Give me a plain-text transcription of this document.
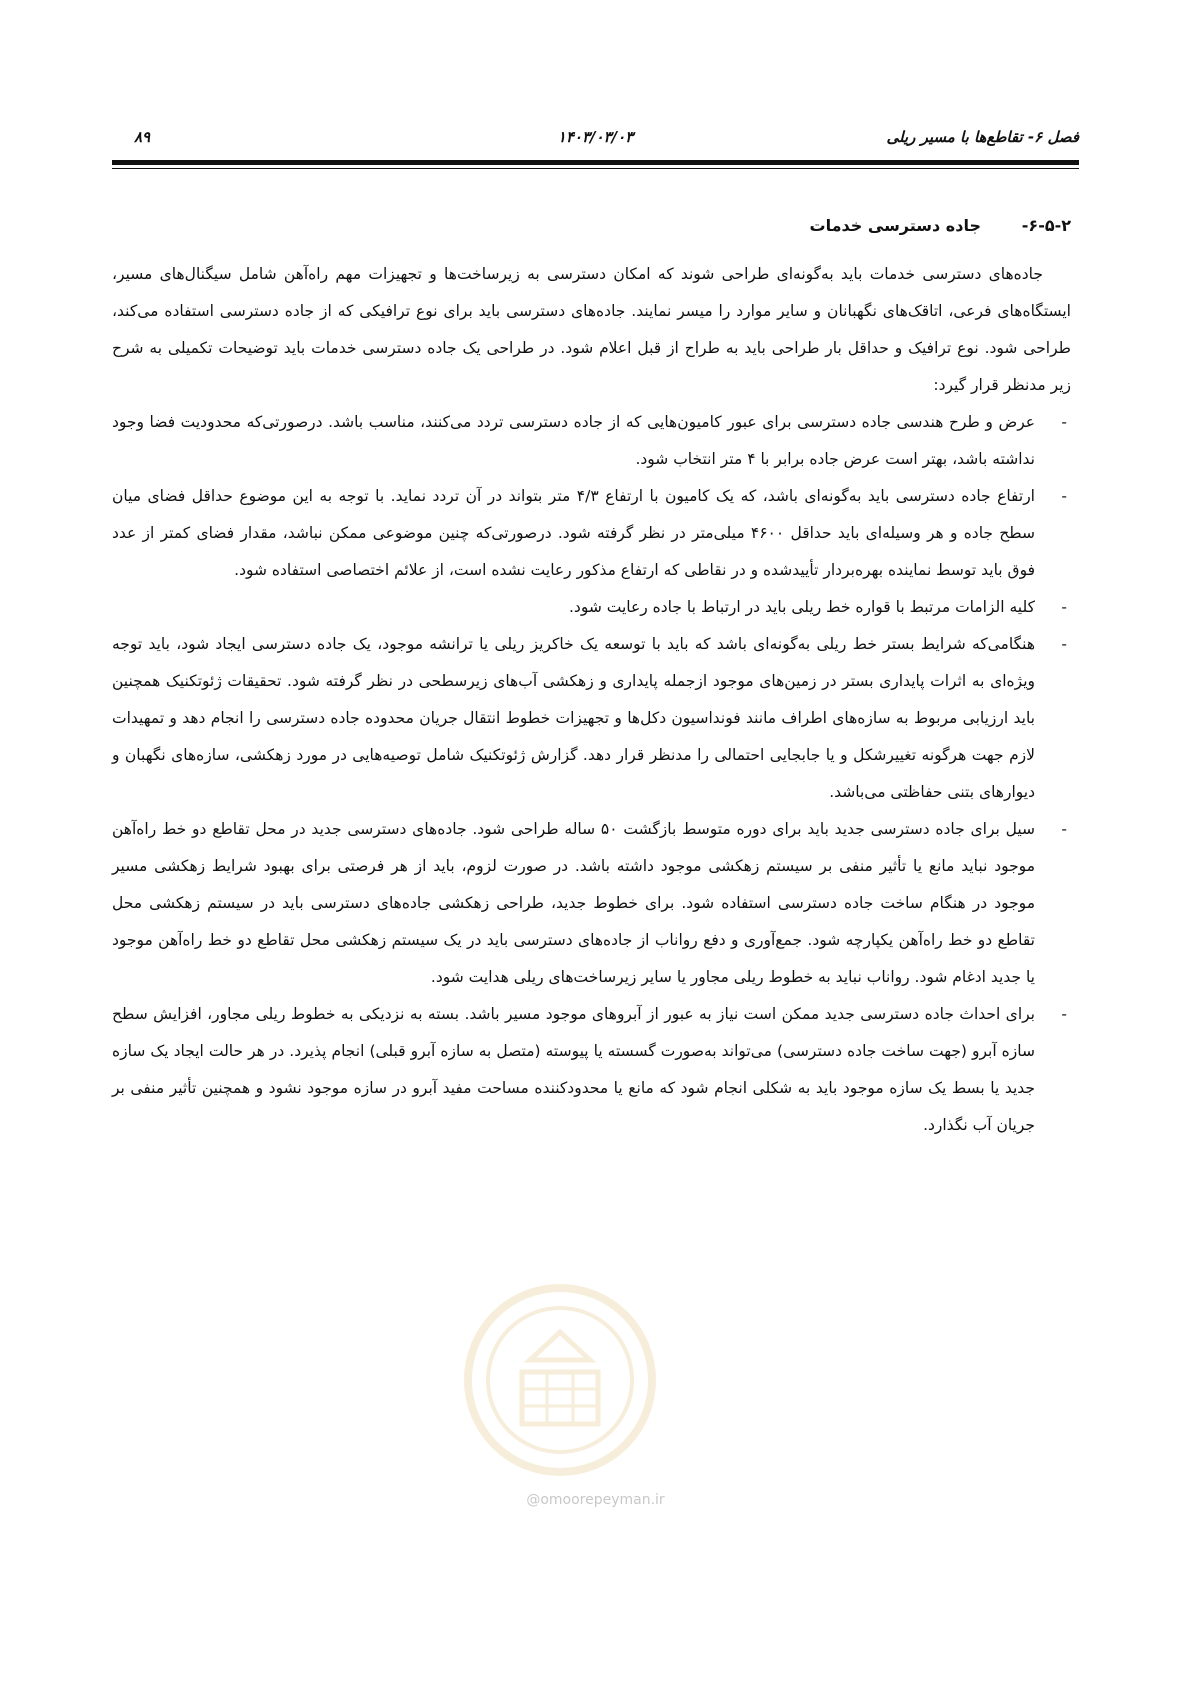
فصل ۶- تقاطع‌ها با مسیر ریلی
۱۴۰۳/۰۳/۰۳
۸۹
@omoorepeyman.ir
۶-۵-۲-جاده دسترسی خدمات

جاده‌های دسترسی خدمات باید به‌گونه‌ای طراحی شوند که امکان دسترسی به زیرساخت‌ها و تجهیزات مهم راه‌آهن شامل سیگنال‌های مسیر، ایستگاه‌های فرعی، اتاقک‌های نگهبانان و سایر موارد را میسر نمایند. جاده‌های دسترسی باید برای نوع ترافیکی که از جاده دسترسی استفاده می‌کند، طراحی شود. نوع ترافیک و حداقل بار طراحی باید به طراح از قبل اعلام شود. در طراحی یک جاده دسترسی خدمات باید توضیحات تکمیلی به شرح زیر مدنظر قرار گیرد:

-
عرض و طرح هندسی جاده دسترسی برای عبور کامیون‌هایی که از جاده دسترسی تردد می‌کنند، مناسب باشد. درصورتی‌که محدودیت فضا وجود نداشته باشد، بهتر است عرض جاده برابر با ۴ متر انتخاب شود.
-
ارتفاع جاده دسترسی باید به‌گونه‌ای باشد، که یک کامیون با ارتفاع ۴/۳ متر بتواند در آن تردد نماید. با توجه به این موضوع حداقل فضای میان سطح جاده و هر وسیله‌ای باید حداقل ۴۶۰۰ میلی‌متر در نظر گرفته شود. درصورتی‌که چنین موضوعی ممکن نباشد، مقدار فضای کمتر از عدد فوق باید توسط نماینده بهره‌بردار تأییدشده و در نقاطی که ارتفاع مذکور رعایت نشده است، از علائم اختصاصی استفاده شود.
-
کلیه الزامات مرتبط با قواره خط ریلی باید در ارتباط با جاده رعایت شود.
-
هنگامی‌که شرایط بستر خط ریلی به‌گونه‌ای باشد که باید با توسعه یک خاکریز ریلی یا ترانشه موجود، یک جاده دسترسی ایجاد شود، باید توجه ویژه‌ای به اثرات پایداری بستر در زمین‌های موجود ازجمله پایداری و زهکشی آب‌های زیرسطحی در نظر گرفته شود. تحقیقات ژئوتکنیک همچنین باید ارزیابی مربوط به سازه‌های اطراف مانند فونداسیون دکل‌ها و تجهیزات خطوط انتقال جریان محدوده جاده دسترسی را انجام دهد و تمهیدات لازم جهت هرگونه تغییرشکل و یا جابجایی احتمالی را مدنظر قرار دهد. گزارش ژئوتکنیک شامل توصیه‌هایی در مورد زهکشی، سازه‌های نگهبان و دیوارهای بتنی حفاظتی می‌باشد.
-
سیل برای جاده دسترسی جدید باید برای دوره متوسط بازگشت ۵۰ ساله طراحی شود. جاده‌های دسترسی جدید در محل تقاطع دو خط راه‌آهن موجود نباید مانع یا تأثیر منفی بر سیستم زهکشی موجود داشته باشد. در صورت لزوم، باید از هر فرصتی برای بهبود شرایط زهکشی مسیر موجود در هنگام ساخت جاده دسترسی استفاده شود. برای خطوط جدید، طراحی زهکشی جاده‌های دسترسی باید در سیستم زهکشی محل تقاطع دو خط راه‌آهن یکپارچه شود. جمع‌آوری و دفع رواناب از جاده‌های دسترسی باید در یک سیستم زهکشی محل تقاطع دو خط راه‌آهن موجود یا جدید ادغام شود. رواناب نباید به خطوط ریلی مجاور یا سایر زیرساخت‌های ریلی هدایت شود.
-
برای احداث جاده دسترسی جدید ممکن است نیاز به عبور از آبروهای موجود مسیر باشد. بسته به نزدیکی به خطوط ریلی مجاور، افزایش سطح سازه آبرو (جهت ساخت جاده دسترسی) می‌تواند به‌صورت گسسته یا پیوسته (متصل به سازه آبرو قبلی) انجام پذیرد. در هر حالت ایجاد یک سازه جدید یا بسط یک سازه موجود باید به شکلی انجام شود که مانع یا محدودکننده مساحت مفید آبرو در سازه موجود نشود و همچنین تأثیر منفی بر جریان آب نگذارد.
